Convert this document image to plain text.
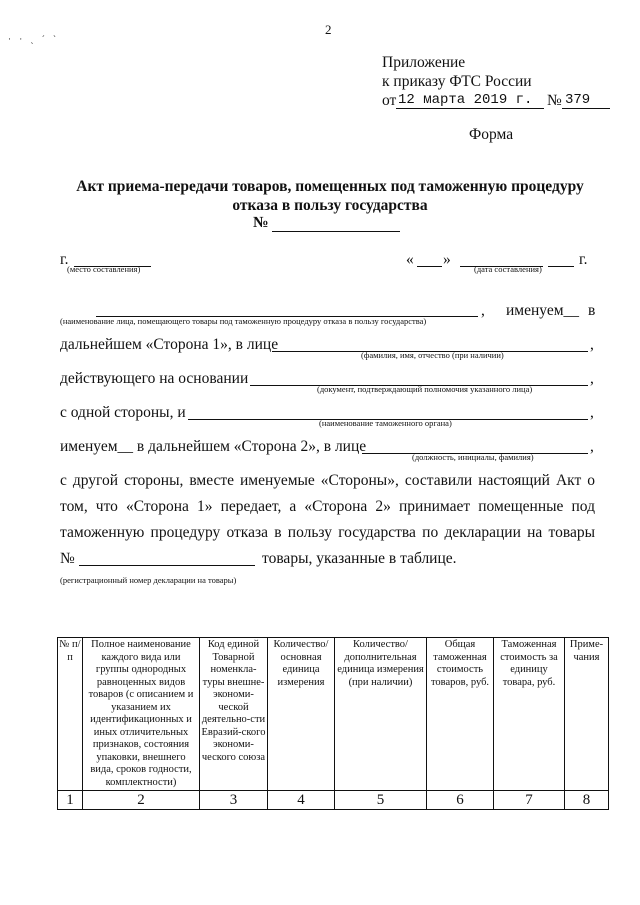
2
· · ˏ ˊ ˋ
Приложение
к приказу ФТС России
от 12 марта 2019 г. № 379
Форма
Акт приема-передачи товаров, помещенных под таможенную процедуру
отказа в пользу государства
№
г.
(место составления)
« »	г.
(дата составления)
, именуем__ в
(наименование лица, помещающего товары под таможенную процедуру отказа в пользу государства)
дальнейшем «Сторона 1», в лице	,
(фамилия, имя, отчество (при наличии)
действующего на основании	,
(документ, подтверждающий полномочия указанного лица)
с одной стороны, и	,
(наименование таможенного органа)
именуем__ в дальнейшем «Сторона 2», в лице	,
(должность, инициалы, фамилия)
с другой стороны, вместе именуемые «Стороны», составили настоящий Акт о
том, что «Сторона 1» передает, а «Сторона 2» принимает помещенные под
таможенную процедуру отказа в пользу государства по декларации на товары
№	товары, указанные в таблице.
(регистрационный номер декларации на товары)
№ п/п	Полное наименование каждого вида или группы однородных равноценных видов товаров (с описанием и указанием их идентификационных и иных отличительных признаков, состояния упаковки, внешнего вида, сроков годности, комплектности)	Код единой Товарной номенкла-туры внешне-экономи-ческой деятельно-сти Евразий-ского экономи-ческого союза	Количество/ основная единица измерения	Количество/ дополнительная единица измерения (при наличии)	Общая таможенная стоимость товаров, руб.	Таможенная стоимость за единицу товара, руб.	Приме-чания
1	2	3	4	5	6	7	8
